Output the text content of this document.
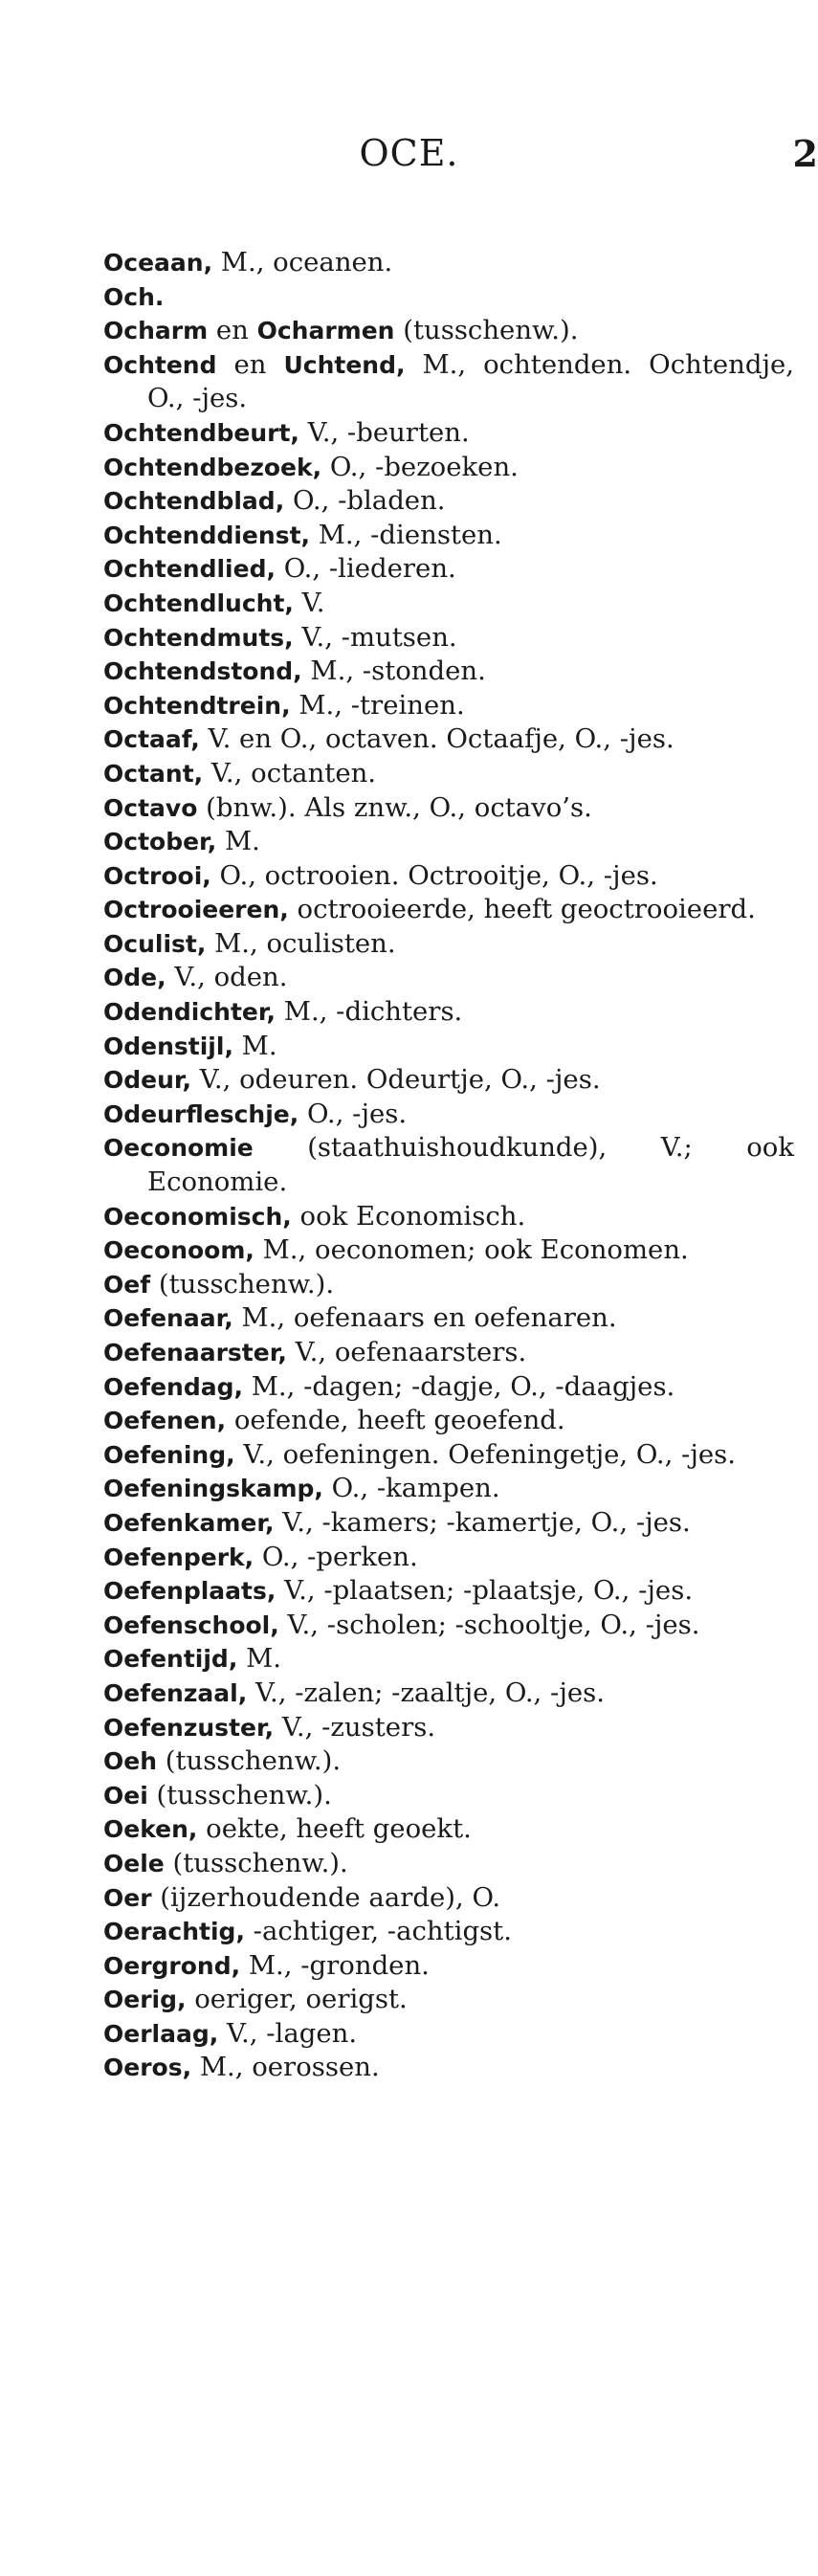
OCE.	2
Oceaan, M., oceanen.
Och.
Ocharm en Ocharmen (tusschenw.).
Ochtend en Uchtend, M., ochtenden. Ochtendje, O., -jes.
Ochtendbeurt, V., -beurten.
Ochtendbezoek, O., -bezoeken.
Ochtendblad, O., -bladen.
Ochtenddienst, M., -diensten.
Ochtendlied, O., -liederen.
Ochtendlucht, V.
Ochtendmuts, V., -mutsen.
Ochtendstond, M., -stonden.
Ochtendtrein, M., -treinen.
Octaaf, V. en O., octaven. Octaafje, O., -jes.
Octant, V., octanten.
Octavo (bnw.). Als znw., O., octavo’s.
October, M.
Octrooi, O., octrooien. Octrooitje, O., -jes.
Octrooieeren, octrooieerde, heeft geoctrooieerd.
Oculist, M., oculisten.
Ode, V., oden.
Odendichter, M., -dichters.
Odenstijl, M.
Odeur, V., odeuren. Odeurtje, O., -jes.
Odeurfleschje, O., -jes.
Oeconomie (staathuishoudkunde), V.; ook Economie.
Oeconomisch, ook Economisch.
Oeconoom, M., oeconomen; ook Economen.
Oef (tusschenw.).
Oefenaar, M., oefenaars en oefenaren.
Oefenaarster, V., oefenaarsters.
Oefendag, M., -dagen; -dagje, O., -daagjes.
Oefenen, oefende, heeft geoefend.
Oefening, V., oefeningen. Oefeningetje, O., -jes.
Oefeningskamp, O., -kampen.
Oefenkamer, V., -kamers; -kamertje, O., -jes.
Oefenperk, O., -perken.
Oefenplaats, V., -plaatsen; -plaatsje, O., -jes.
Oefenschool, V., -scholen; -schooltje, O., -jes.
Oefentijd, M.
Oefenzaal, V., -zalen; -zaaltje, O., -jes.
Oefenzuster, V., -zusters.
Oeh (tusschenw.).
Oei (tusschenw.).
Oeken, oekte, heeft geoekt.
Oele (tusschenw.).
Oer (ijzerhoudende aarde), O.
Oerachtig, -achtiger, -achtigst.
Oergrond, M., -gronden.
Oerig, oeriger, oerigst.
Oerlaag, V., -lagen.
Oeros, M., oerossen.
